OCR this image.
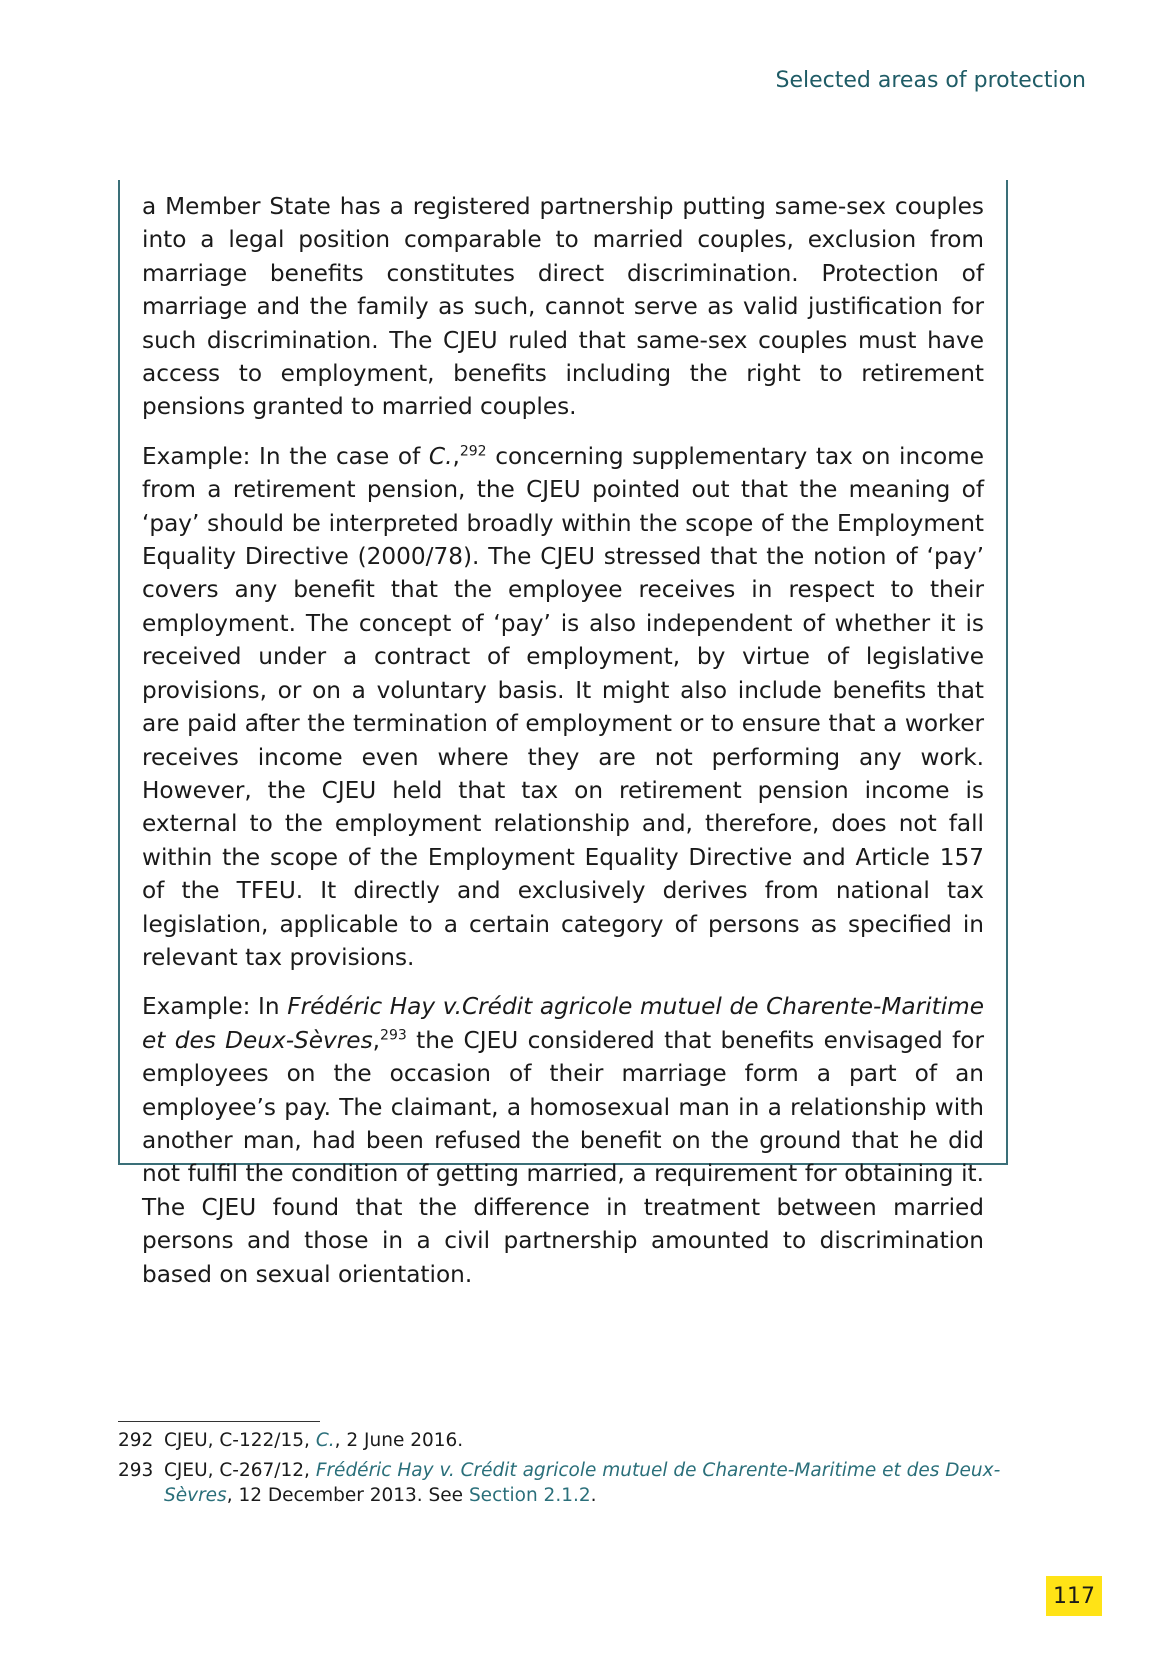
Selected areas of protection

a Member State has a registered partnership putting same-sex couples into a legal position comparable to married couples, exclusion from marriage benefits constitutes direct discrimination. Protection of marriage and the family as such, cannot serve as valid justification for such discrimination. The CJEU ruled that same-sex couples must have access to employment, benefits including the right to retirement pensions granted to married couples.

Example: In the case of C.,$^{292}$ concerning supplementary tax on income from a retirement pension, the CJEU pointed out that the meaning of ‘pay’ should be interpreted broadly within the scope of the Employment Equality Directive (2000/78). The CJEU stressed that the notion of ‘pay’ covers any benefit that the employee receives in respect to their employment. The concept of ‘pay’ is also independent of whether it is received under a contract of employment, by virtue of legislative provisions, or on a voluntary basis. It might also include benefits that are paid after the termination of employment or to ensure that a worker receives income even where they are not performing any work. However, the CJEU held that tax on retirement pension income is external to the employment relationship and, therefore, does not fall within the scope of the Employment Equality Directive and Article 157 of the TFEU. It directly and exclusively derives from national tax legislation, applicable to a certain category of persons as specified in relevant tax provisions.

Example: In Frédéric Hay v.Crédit agricole mutuel de Charente-Maritime et des Deux-Sèvres,$^{293}$ the CJEU considered that benefits envisaged for employees on the occasion of their marriage form a part of an employee’s pay. The claimant, a homosexual man in a relationship with another man, had been refused the benefit on the ground that he did not fulfil the condition of getting married, a requirement for obtaining it. The CJEU found that the difference in treatment between married persons and those in a civil partnership amounted to discrimination based on sexual orientation.

292 CJEU, C-122/15, C., 2 June 2016.
293 CJEU, C-267/12, Frédéric Hay v. Crédit agricole mutuel de Charente-Maritime et des Deux-Sèvres, 12 December 2013. See Section 2.1.2.
117
